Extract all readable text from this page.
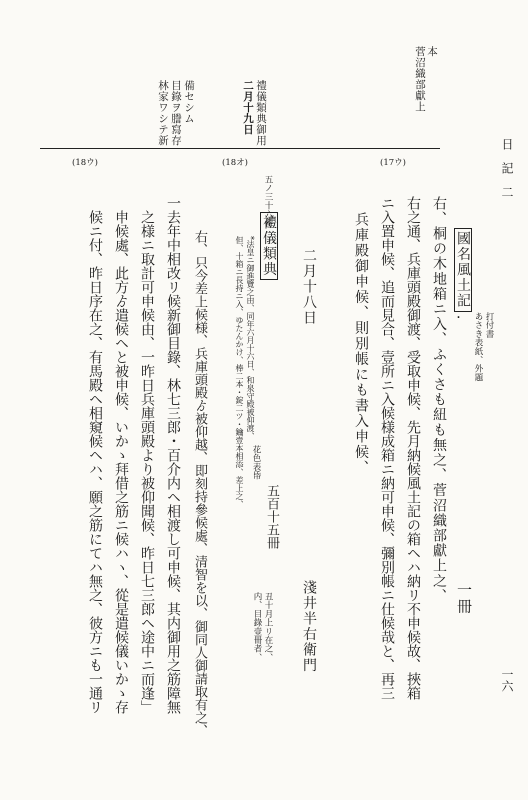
日　記　二
一六
菅沼織部獻上 本
二月十九日 禮儀類典御用
林家ワシテ新 目錄ヲ謄寫存 備セシム
(17ウ)
(18オ)
(18ウ)
國名風土記
・ あさき表紙、外題 打付書
一冊
右、桐の木地箱ニ入、ふくさも紐も無之、菅沼織部獻上之、
右之通、兵庫頭殿御渡、受取申候、先月納候風土記の箱ヘハ納リ不申候故、挾箱
ニ入置申候、追而見合、壹所ニ入候様成箱ニ納可申候、彌別帳ニ仕候哉と、再三
兵庫殿御申候、則別帳にも書入申候、
二月十八日
淺井半右衛門
五ノ三十六番
禮儀類典
花色表帋
五百十五冊
内、目錄壹冊者、 丑十月上リ在之、
但、十箱ニ長持ニ入、ゆたんかけ、棒二本・錠二ツ・鑰壹本相添、差上之、 *法皇ニ御進覽之由、同年六月十六日、和泉守殿被仰渡、
右、只今差上候様、兵庫頭殿ゟ被仰越、即刻持參候處、清智を以、御同人御請取有之、
一去年中相改リ候新御目錄、林七三郎・百介内ヘ相渡し可申候、其内御用之筋障無
之様ニ取計可申候由、一昨日兵庫頭殿より被仰聞候、昨日七三郎ヘ途中ニ而逢」
申候處、此方ゟ遣候ヘと被申候、いかゝ拜借之筋ニ候ハヽ、從是遣候儀いかゝ存
候ニ付、昨日序在之、有馬殿ヘ相窺候ヘハ、願之筋にてハ無之、彼方ニも一通リ
